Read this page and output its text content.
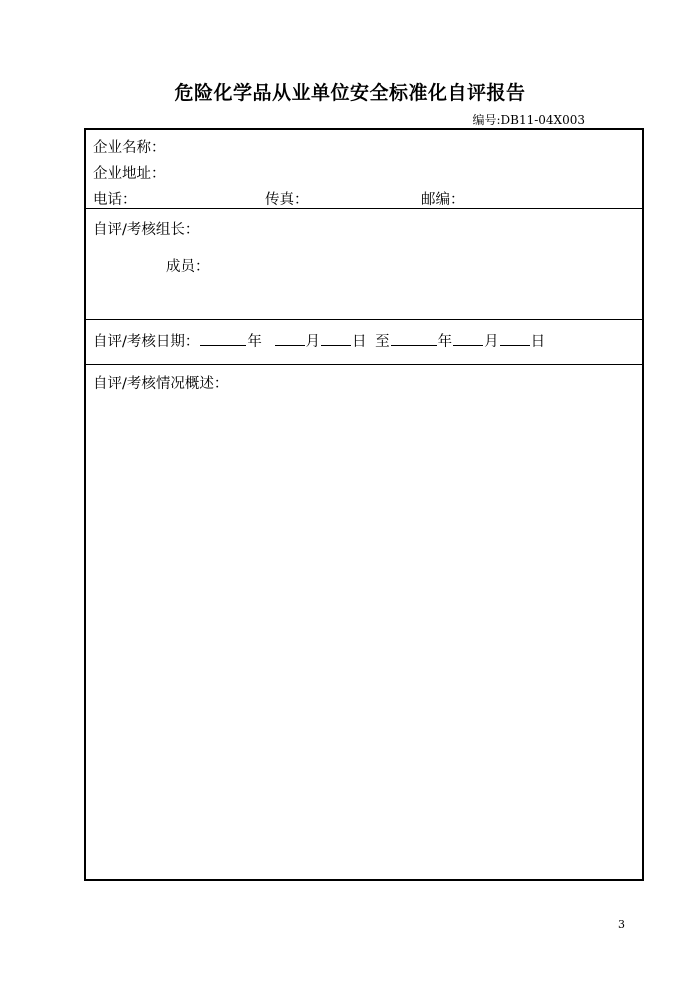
危险化学品从业单位安全标准化自评报告
编号:DB11-04X003
企业名称：
企业地址：
电话：	传真：	邮编：
自评/考核组长：
成员：
自评/考核日期：	年	月 日 至	年 月 日
自评/考核情况概述：
3
